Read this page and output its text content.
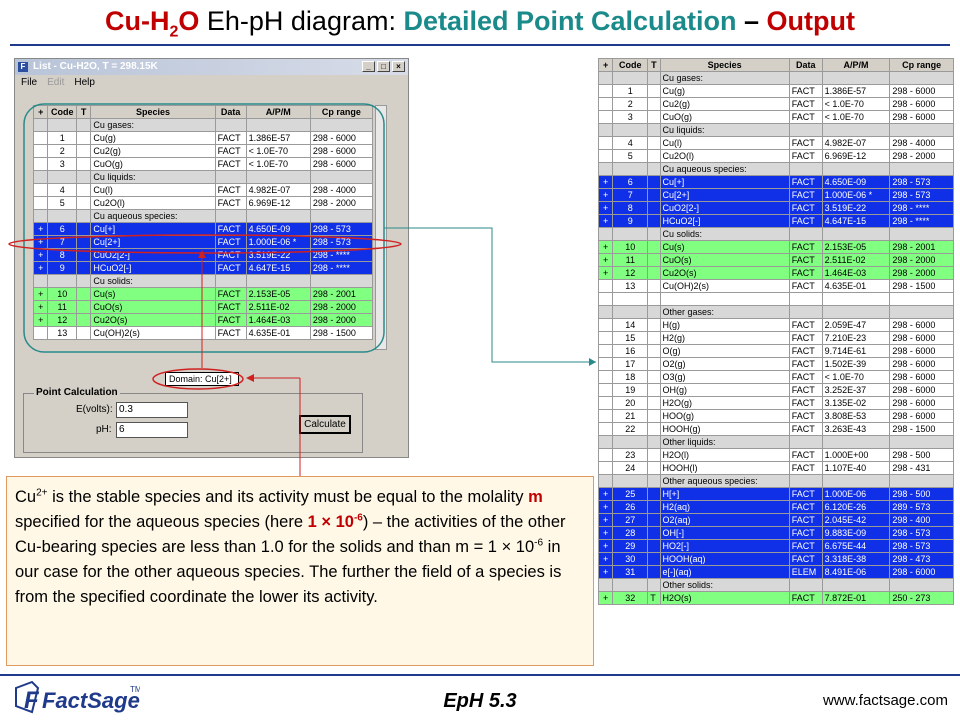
$Cu-H_2O$ Eh-pH diagram: Detailed Point Calculation – Output
F List - Cu-H2O, T = 298.15K	_	□	×
File Edit Help
+	Code	T	Species	Data	A/P/M	Cp range
			Cu gases:			
	1		Cu(g)	FACT	1.386E-57	298 - 6000
	2		Cu2(g)	FACT	< 1.0E-70	298 - 6000
	3		CuO(g)	FACT	< 1.0E-70	298 - 6000
			Cu liquids:			
	4		Cu(l)	FACT	4.982E-07	298 - 4000
	5		Cu2O(l)	FACT	6.969E-12	298 - 2000
			Cu aqueous species:			
+	6		Cu[+]	FACT	4.650E-09	298 - 573
+	7		Cu[2+]	FACT	1.000E-06 *	298 - 573
+	8		CuO2[2-]	FACT	3.519E-22	298 - ****
+	9		HCuO2[-]	FACT	4.647E-15	298 - ****
			Cu solids:			
+	10		Cu(s)	FACT	2.153E-05	298 - 2001
+	11		CuO(s)	FACT	2.511E-02	298 - 2000
+	12		Cu2O(s)	FACT	1.464E-03	298 - 2000
	13		Cu(OH)2(s)	FACT	4.635E-01	298 - 1500
Domain: Cu[2+]
Point Calculation
E(volts): 0.3
pH: 6	Calculate
+	Code	T	Species	Data	A/P/M	Cp range
			Cu gases:			
	1		Cu(g)	FACT	1.386E-57	298 - 6000
	2		Cu2(g)	FACT	< 1.0E-70	298 - 6000
	3		CuO(g)	FACT	< 1.0E-70	298 - 6000
			Cu liquids:			
	4		Cu(l)	FACT	4.982E-07	298 - 4000
	5		Cu2O(l)	FACT	6.969E-12	298 - 2000
			Cu aqueous species:			
+	6		Cu[+]	FACT	4.650E-09	298 - 573
+	7		Cu[2+]	FACT	1.000E-06 *	298 - 573
+	8		CuO2[2-]	FACT	3.519E-22	298 - ****
+	9		HCuO2[-]	FACT	4.647E-15	298 - ****
			Cu solids:			
+	10		Cu(s)	FACT	2.153E-05	298 - 2001
+	11		CuO(s)	FACT	2.511E-02	298 - 2000
+	12		Cu2O(s)	FACT	1.464E-03	298 - 2000
	13		Cu(OH)2(s)	FACT	4.635E-01	298 - 1500

			Other gases:			
	14		H(g)	FACT	2.059E-47	298 - 6000
	15		H2(g)	FACT	7.210E-23	298 - 6000
	16		O(g)	FACT	9.714E-61	298 - 6000
	17		O2(g)	FACT	1.502E-39	298 - 6000
	18		O3(g)	FACT	< 1.0E-70	298 - 6000
	19		OH(g)	FACT	3.252E-37	298 - 6000
	20		H2O(g)	FACT	3.135E-02	298 - 6000
	21		HOO(g)	FACT	3.808E-53	298 - 6000
	22		HOOH(g)	FACT	3.263E-43	298 - 1500
			Other liquids:			
	23		H2O(l)	FACT	1.000E+00	298 - 500
	24		HOOH(l)	FACT	1.107E-40	298 - 431
			Other aqueous species:			
+	25		H[+]	FACT	1.000E-06	298 - 500
+	26		H2(aq)	FACT	6.120E-26	289 - 573
+	27		O2(aq)	FACT	2.045E-42	298 - 400
+	28		OH[-]	FACT	9.883E-09	298 - 573
+	29		HO2[-]	FACT	6.675E-44	298 - 573
+	30		HOOH(aq)	FACT	3.318E-38	298 - 473
+	31		e[-](aq)	ELEM	8.491E-06	298 - 6000
			Other solids:			
+	32	T	H2O(s)	FACT	7.872E-01	250 - 273
$Cu^{2+}$ is the stable species and its activity must be equal to the molality m specified for the aqueous species (here $1 \times 10^{-6}$) – the activities of the other Cu-bearing species are less than 1.0 for the solids and than $m = 1 \times 10^{-6}$ in our case for the other aqueous species. The further the field of a species is from the specified coordinate the lower its activity.
F FactSage
TM
EpH 5.3	www.factsage.com
